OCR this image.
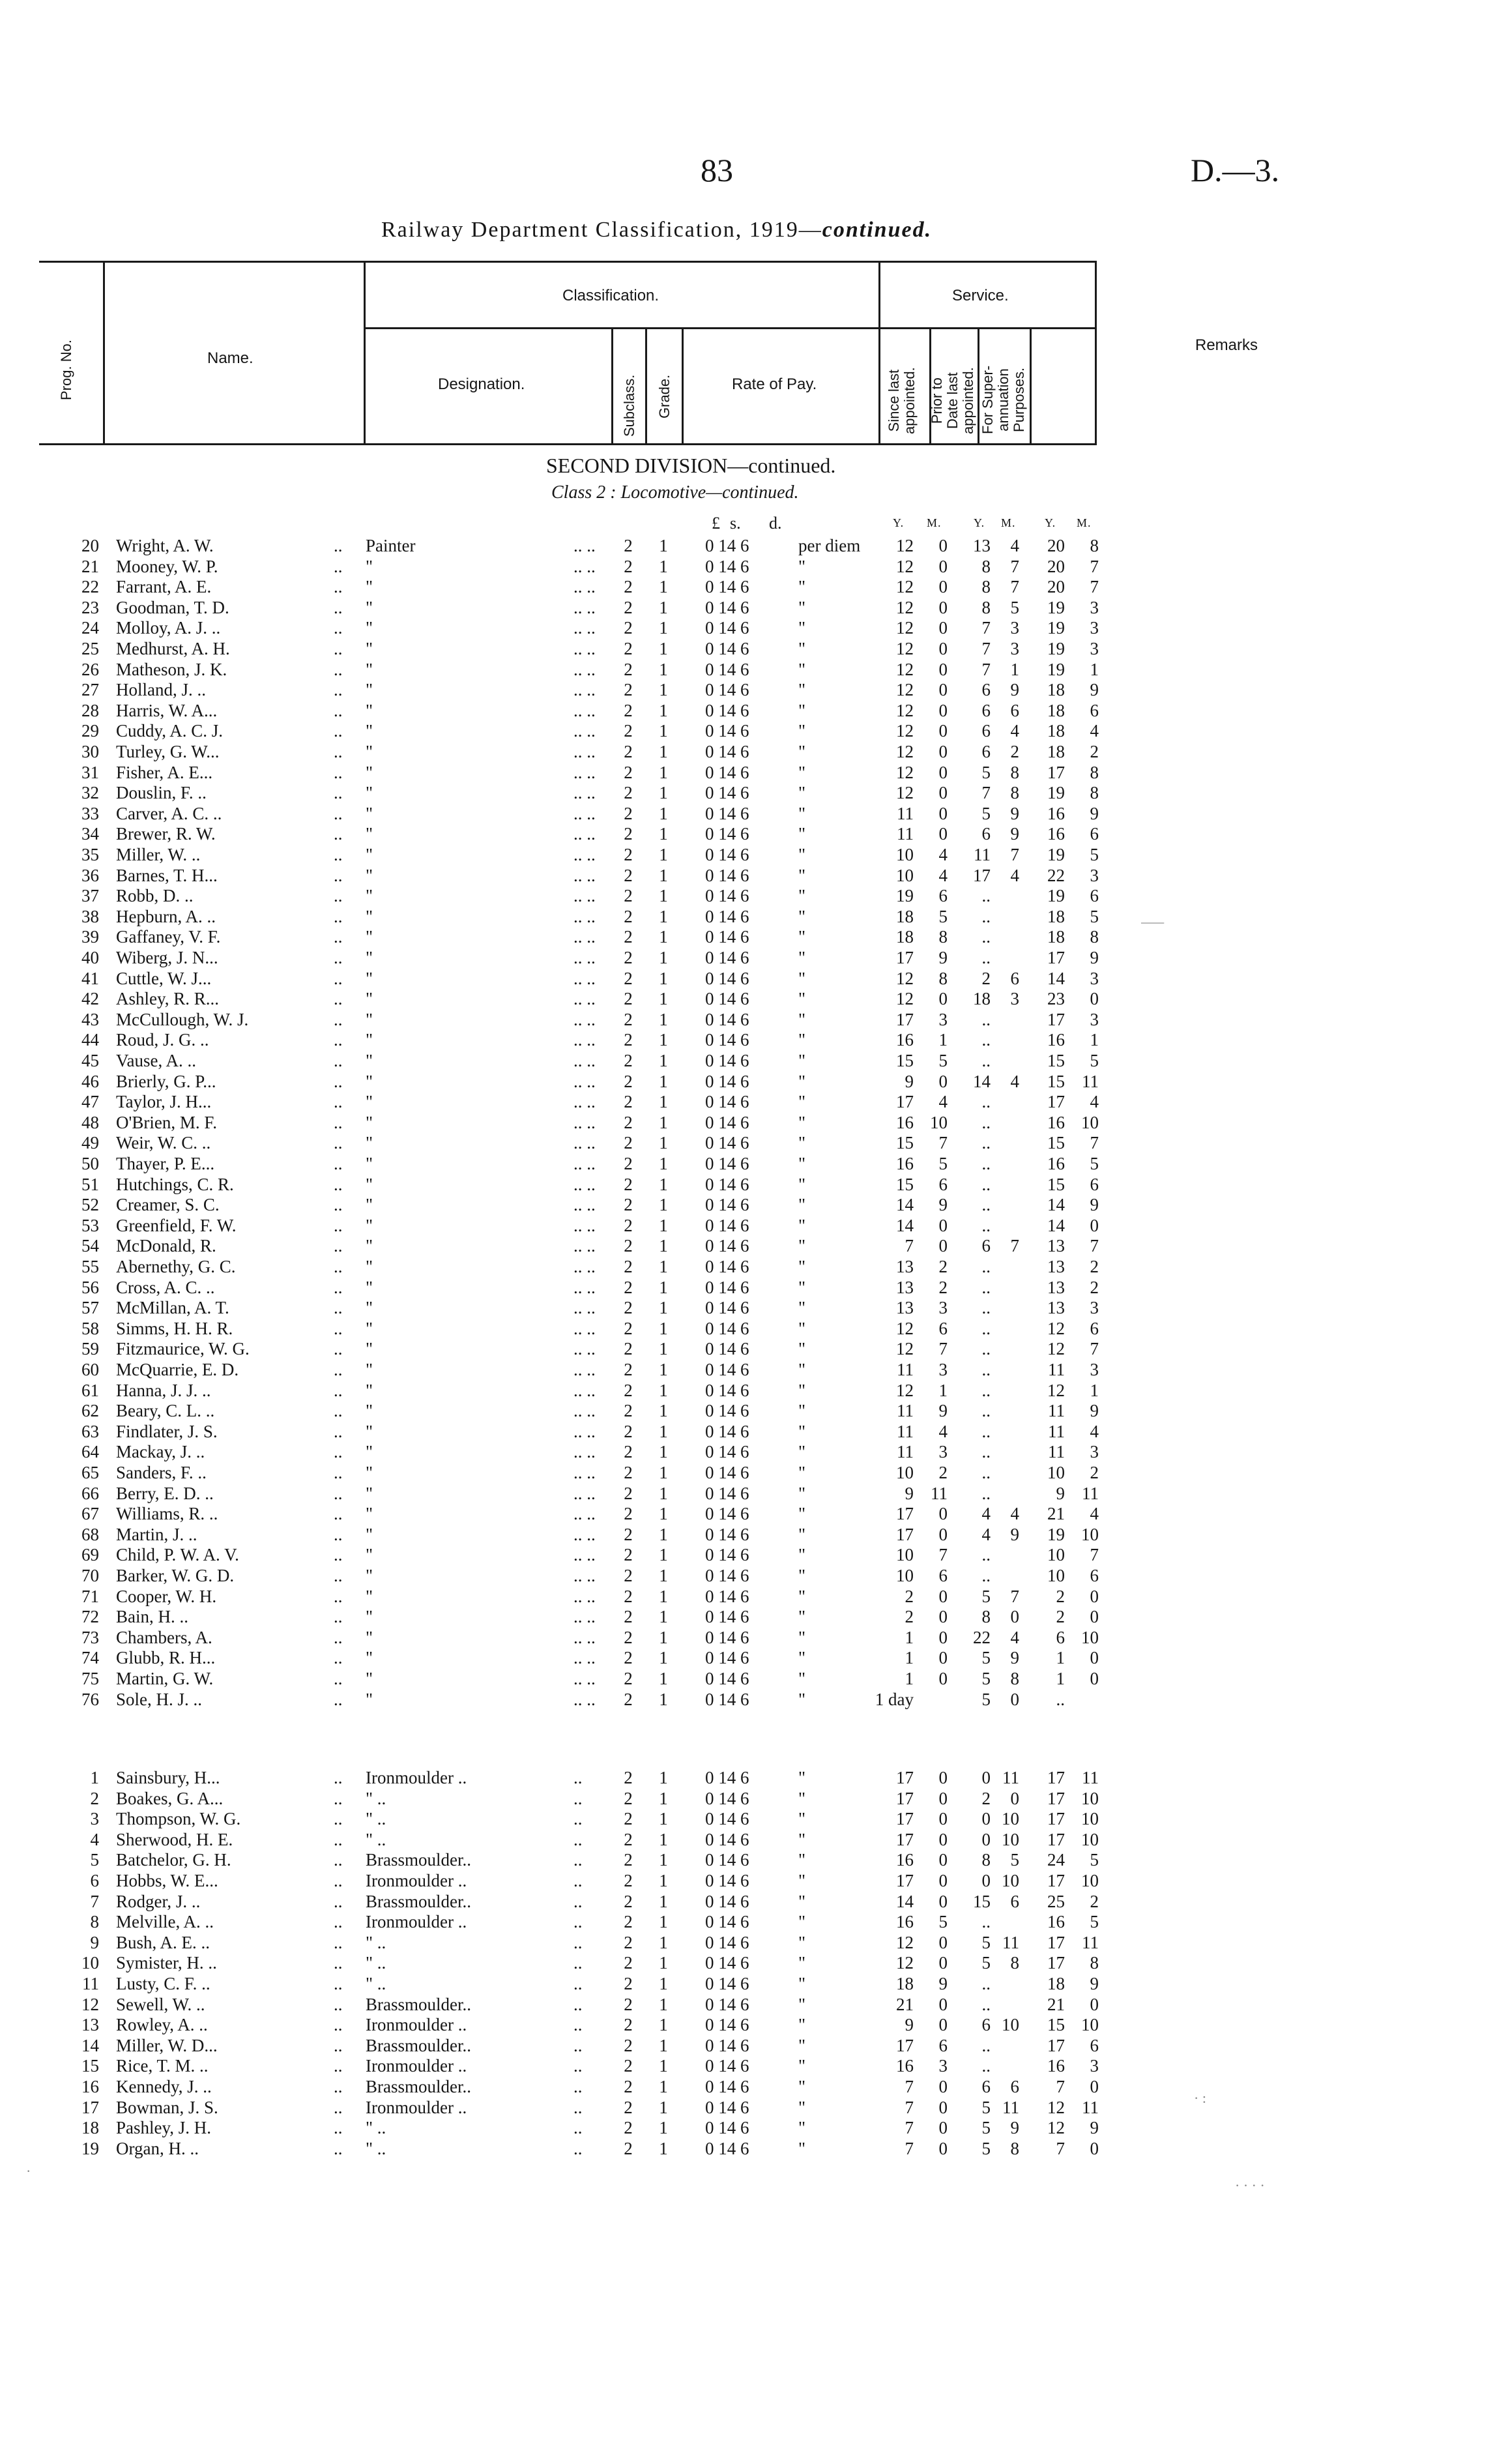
83	D.—3.
Railway Department Classification, 1919—continued.
Prog. No.	Name.
Classification.	Service.
Designation.	Subclass. Grade.	Rate of Pay.
Since last
appointed. Prior to
Date last
appointed. For Super-
annuation
Purposes.
Remarks
SECOND DIVISION—continued.
Class 2 : Locomotive—continued.
£ s. d.	Y. M.	Y. M. Y. M.
20 Wright, A. W.	.. Painter	.. .. 2 1 0 14 6	per diem	12	0	13	4	20	8
21 Mooney, W. P.	.. "	.. .. 2 1 0 14 6	"	12	0	8	7	20	7
22 Farrant, A. E.	.. "	.. .. 2 1 0 14 6	"	12	0	8	7	20	7
23 Goodman, T. D.	.. "	.. .. 2 1 0 14 6	"	12	0	8	5	19	3
24 Molloy, A. J. ..	.. "	.. .. 2 1 0 14 6	"	12	0	7	3	19	3
25 Medhurst, A. H.	.. "	.. .. 2 1 0 14 6	"	12	0	7	3	19	3
26 Matheson, J. K.	.. "	.. .. 2 1 0 14 6	"	12	0	7	1	19	1
27 Holland, J. ..	.. "	.. .. 2 1 0 14 6	"	12	0	6	9	18	9
28 Harris, W. A...	.. "	.. .. 2 1 0 14 6	"	12	0	6	6	18	6
29 Cuddy, A. C. J.	.. "	.. .. 2 1 0 14 6	"	12	0	6	4	18	4
30 Turley, G. W...	.. "	.. .. 2 1 0 14 6	"	12	0	6	2	18	2
31 Fisher, A. E...	.. "	.. .. 2 1 0 14 6	"	12	0	5	8	17	8
32 Douslin, F. ..	.. "	.. .. 2 1 0 14 6	"	12	0	7	8	19	8
33 Carver, A. C. ..	.. "	.. .. 2 1 0 14 6	"	11	0	5	9	16	9
34 Brewer, R. W.	.. "	.. .. 2 1 0 14 6	"	11	0	6	9	16	6
35 Miller, W. ..	.. "	.. .. 2 1 0 14 6	"	10	4	11	7	19	5
36 Barnes, T. H...	.. "	.. .. 2 1 0 14 6	"	10	4	17	4	22	3
37 Robb, D. ..	.. "	.. .. 2 1 0 14 6	"	19	6	..	19	6
38 Hepburn, A. ..	.. "	.. .. 2 1 0 14 6	"	18	5	..	18	5
39 Gaffaney, V. F.	.. "	.. .. 2 1 0 14 6	"	18	8	..	18	8
40 Wiberg, J. N...	.. "	.. .. 2 1 0 14 6	"	17	9	..	17	9
41 Cuttle, W. J...	.. "	.. .. 2 1 0 14 6	"	12	8	2	6	14	3
42 Ashley, R. R...	.. "	.. .. 2 1 0 14 6	"	12	0	18	3	23	0
43 McCullough, W. J.	.. "	.. .. 2 1 0 14 6	"	17	3	..	17	3
44 Roud, J. G. ..	.. "	.. .. 2 1 0 14 6	"	16	1	..	16	1
45 Vause, A. ..	.. "	.. .. 2 1 0 14 6	"	15	5	..	15	5
46 Brierly, G. P...	.. "	.. .. 2 1 0 14 6	"	9	0	14	4	15 11
47 Taylor, J. H...	.. "	.. .. 2 1 0 14 6	"	17	4	..	17	4
48 O'Brien, M. F.	.. "	.. .. 2 1 0 14 6	"	16 10	..	16 10
49 Weir, W. C. ..	.. "	.. .. 2 1 0 14 6	"	15	7	..	15	7
50 Thayer, P. E...	.. "	.. .. 2 1 0 14 6	"	16	5	..	16	5
51 Hutchings, C. R.	.. "	.. .. 2 1 0 14 6	"	15	6	..	15	6
52 Creamer, S. C.	.. "	.. .. 2 1 0 14 6	"	14	9	..	14	9
53 Greenfield, F. W.	.. "	.. .. 2 1 0 14 6	"	14	0	..	14	0
54 McDonald, R.	.. "	.. .. 2 1 0 14 6	"	7	0	6	7	13	7
55 Abernethy, G. C.	.. "	.. .. 2 1 0 14 6	"	13	2	..	13	2
56 Cross, A. C. ..	.. "	.. .. 2 1 0 14 6	"	13	2	..	13	2
57 McMillan, A. T.	.. "	.. .. 2 1 0 14 6	"	13	3	..	13	3
58 Simms, H. H. R.	.. "	.. .. 2 1 0 14 6	"	12	6	..	12	6
59 Fitzmaurice, W. G.	.. "	.. .. 2 1 0 14 6	"	12	7	..	12	7
60 McQuarrie, E. D.	.. "	.. .. 2 1 0 14 6	"	11	3	..	11	3
61 Hanna, J. J. ..	.. "	.. .. 2 1 0 14 6	"	12	1	..	12	1
62 Beary, C. L. ..	.. "	.. .. 2 1 0 14 6	"	11	9	..	11	9
63 Findlater, J. S.	.. "	.. .. 2 1 0 14 6	"	11	4	..	11	4
64 Mackay, J. ..	.. "	.. .. 2 1 0 14 6	"	11	3	..	11	3
65 Sanders, F. ..	.. "	.. .. 2 1 0 14 6	"	10	2	..	10	2
66 Berry, E. D. ..	.. "	.. .. 2 1 0 14 6	"	9 11	..	9 11
67 Williams, R. ..	.. "	.. .. 2 1 0 14 6	"	17	0	4	4	21	4
68 Martin, J. ..	.. "	.. .. 2 1 0 14 6	"	17	0	4	9	19 10
69 Child, P. W. A. V.	.. "	.. .. 2 1 0 14 6	"	10	7	..	10	7
70 Barker, W. G. D.	.. "	.. .. 2 1 0 14 6	"	10	6	..	10	6
71 Cooper, W. H.	.. "	.. .. 2 1 0 14 6	"	2	0	5	7	2	0
72 Bain, H. ..	.. "	.. .. 2 1 0 14 6	"	2	0	8	0	2	0
73 Chambers, A.	.. "	.. .. 2 1 0 14 6	"	1	0	22	4	6 10
74 Glubb, R. H...	.. "	.. .. 2 1 0 14 6	"	1	0	5	9	1	0
75 Martin, G. W.	.. "	.. .. 2 1 0 14 6	"	1	0	5	8	1	0
76 Sole, H. J. ..	.. "	.. .. 2 1 0 14 6	"	1 day	5	0	..
1 Sainsbury, H...	.. Ironmoulder ..	.. 2 1 0 14 6	"	17	0	0 11	17 11
2 Boakes, G. A...	.. " ..	.. 2 1 0 14 6	"	17	0	2	0	17 10
3 Thompson, W. G.	.. " ..	.. 2 1 0 14 6	"	17	0	0 10	17 10
4 Sherwood, H. E.	.. " ..	.. 2 1 0 14 6	"	17	0	0 10	17 10
5 Batchelor, G. H.	.. Brassmoulder..	.. 2 1 0 14 6	"	16	0	8	5	24	5
6 Hobbs, W. E...	.. Ironmoulder ..	.. 2 1 0 14 6	"	17	0	0 10	17 10
7 Rodger, J. ..	.. Brassmoulder..	.. 2 1 0 14 6	"	14	0	15	6	25	2
8 Melville, A. ..	.. Ironmoulder ..	.. 2 1 0 14 6	"	16	5	..	16	5
9 Bush, A. E. ..	.. " ..	.. 2 1 0 14 6	"	12	0	5 11	17 11
10 Symister, H. ..	.. " ..	.. 2 1 0 14 6	"	12	0	5	8	17	8
11 Lusty, C. F. ..	.. " ..	.. 2 1 0 14 6	"	18	9	..	18	9
12 Sewell, W. ..	.. Brassmoulder..	.. 2 1 0 14 6	"	21	0	..	21	0
13 Rowley, A. ..	.. Ironmoulder ..	.. 2 1 0 14 6	"	9	0	6 10	15 10
14 Miller, W. D...	.. Brassmoulder..	.. 2 1 0 14 6	"	17	6	..	17	6
15 Rice, T. M. ..	.. Ironmoulder ..	.. 2 1 0 14 6	"	16	3	..	16	3
16 Kennedy, J. ..	.. Brassmoulder..	.. 2 1 0 14 6	"	7	0	6	6	7	0
17 Bowman, J. S.	.. Ironmoulder ..	.. 2 1 0 14 6	"	7	0	5 11	12 11
18 Pashley, J. H.	.. " ..	.. 2 1 0 14 6	"	7	0	5	9	12	9
19 Organ, H. ..	.. " ..	.. 2 1 0 14 6	"	7	0	5	8	7	0
⸺
· :
· · · ·
·
